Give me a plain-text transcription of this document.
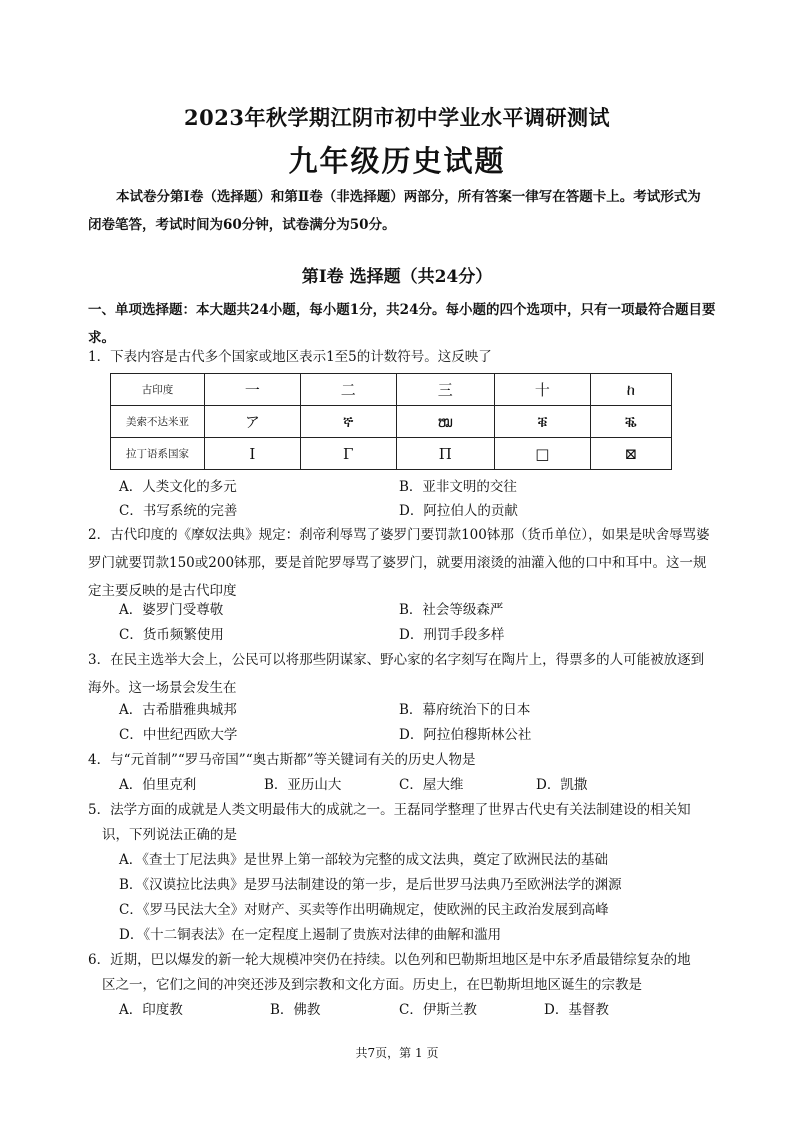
2023年秋学期江阴市初中学业水平调研测试
九年级历史试题
本试卷分第Ⅰ卷（选择题）和第Ⅱ卷（非选择题）两部分，所有答案一律写在答题卡上。考试形式为闭卷笔答，考试时间为60分钟，试卷满分为50分。
第Ⅰ卷 选择题（共24分）
一、单项选择题：本大题共24小题，每小题1分，共24分。每小题的四个选项中，只有一项最符合题目要求。
1．下表内容是古代多个国家或地区表示1至5的计数符号。这反映了
古印度	一	二	三	十	ከ
美索不达米亚	ア	ኞ	ໝ	ቑ	ቘ
拉丁语系国家	I	Γ	Π	□	⊠
A．人类文化的多元	B．亚非文明的交往
C．书写系统的完善	D．阿拉伯人的贡献
2．古代印度的《摩奴法典》规定：刹帝利辱骂了婆罗门要罚款100钵那（货币单位），如果是吠舍辱骂婆罗门就要罚款150或200钵那，要是首陀罗辱骂了婆罗门，就要用滚烫的油灌入他的口中和耳中。这一规定主要反映的是古代印度
A．婆罗门受尊敬	B．社会等级森严
C．货币频繁使用	D．刑罚手段多样
3．在民主选举大会上，公民可以将那些阴谋家、野心家的名字刻写在陶片上，得票多的人可能被放逐到海外。这一场景会发生在
A．古希腊雅典城邦	B．幕府统治下的日本
C．中世纪西欧大学	D．阿拉伯穆斯林公社
4．与“元首制”“罗马帝国”“奥古斯都”等关键词有关的历史人物是
A．伯里克利	B．亚历山大	C．屋大维	D．凯撒
5．法学方面的成就是人类文明最伟大的成就之一。王磊同学整理了世界古代史有关法制建设的相关知
识，下列说法正确的是
A．《查士丁尼法典》是世界上第一部较为完整的成文法典，奠定了欧洲民法的基础
B．《汉谟拉比法典》是罗马法制建设的第一步，是后世罗马法典乃至欧洲法学的渊源
C．《罗马民法大全》对财产、买卖等作出明确规定，使欧洲的民主政治发展到高峰
D．《十二铜表法》在一定程度上遏制了贵族对法律的曲解和滥用
6．近期，巴以爆发的新一轮大规模冲突仍在持续。以色列和巴勒斯坦地区是中东矛盾最错综复杂的地
区之一，它们之间的冲突还涉及到宗教和文化方面。历史上，在巴勒斯坦地区诞生的宗教是
A．印度教	B．佛教	C．伊斯兰教	D．基督教
共7页，第 1 页
